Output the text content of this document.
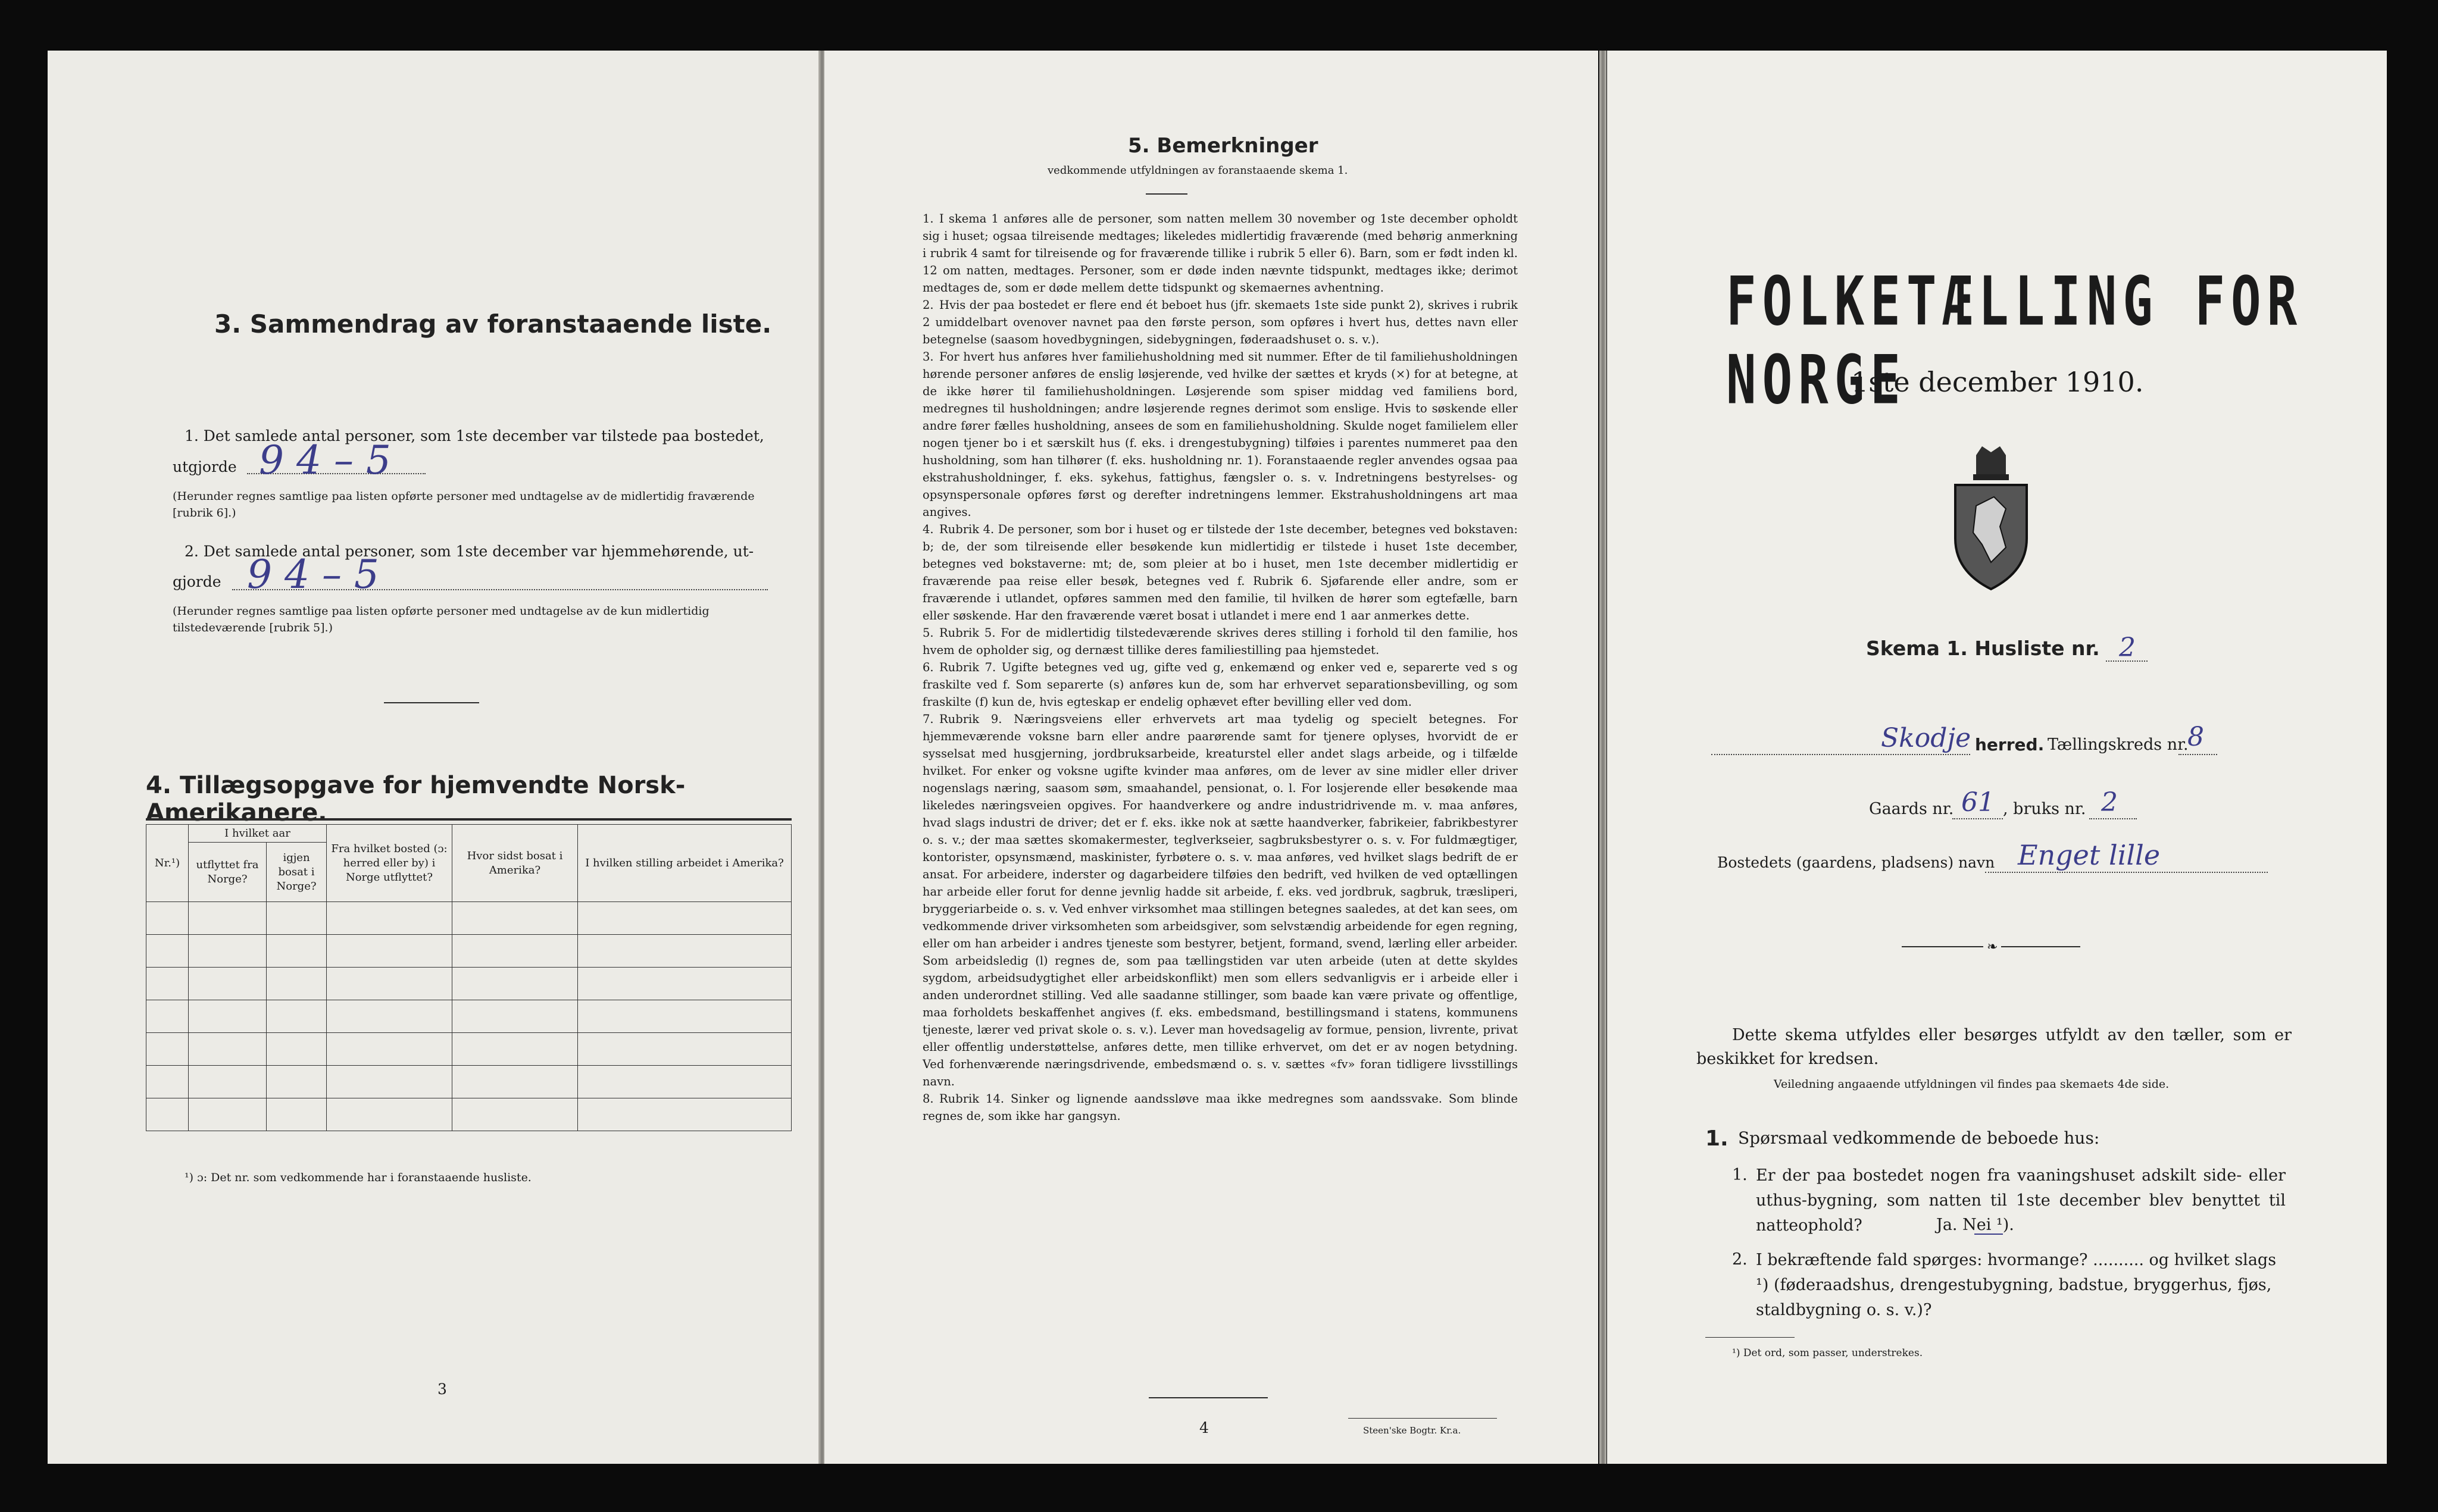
3. Sammendrag av foranstaaende liste.
1. Det samlede antal personer, som 1ste december var tilstede paa bostedet,
utgjorde 9 4 – 5
(Herunder regnes samtlige paa listen opførte personer med undtagelse av de midlertidig fraværende [rubrik 6].)
2. Det samlede antal personer, som 1ste december var hjemmehørende, ut-
gjorde 9 4 – 5
(Herunder regnes samtlige paa listen opførte personer med undtagelse av de kun midlertidig tilstedeværende [rubrik 5].)
4. Tillægsopgave for hjemvendte Norsk-Amerikanere.
Nr.¹)	I hvilket aar		Fra hvilket bosted (ɔ: herred eller by) i Norge utflyttet?	Hvor sidst bosat i Amerika?	I hvilken stilling arbeidet i Amerika?
	utflyttet fra Norge?	igjen bosat i Norge?			

¹) ɔ: Det nr. som vedkommende har i foranstaaende husliste.
3
5. Bemerkninger
vedkommende utfyldningen av foranstaaende skema 1.

1. I skema 1 anføres alle de personer, som natten mellem 30 november og 1ste december opholdt sig i huset; ogsaa tilreisende medtages; likeledes midlertidig fraværende (med behørig anmerkning i rubrik 4 samt for tilreisende og for fraværende tillike i rubrik 5 eller 6). Barn, som er født inden kl. 12 om natten, medtages. Personer, som er døde inden nævnte tidspunkt, medtages ikke; derimot medtages de, som er døde mellem dette tidspunkt og skemaernes avhentning.

2. Hvis der paa bostedet er flere end ét beboet hus (jfr. skemaets 1ste side punkt 2), skrives i rubrik 2 umiddelbart ovenover navnet paa den første person, som opføres i hvert hus, dettes navn eller betegnelse (saasom hovedbygningen, sidebygningen, føderaadshuset o. s. v.).

3. For hvert hus anføres hver familiehusholdning med sit nummer. Efter de til familiehusholdningen hørende personer anføres de enslig løsjerende, ved hvilke der sættes et kryds (×) for at betegne, at de ikke hører til familiehusholdningen. Løsjerende som spiser middag ved familiens bord, medregnes til husholdningen; andre løsjerende regnes derimot som enslige. Hvis to søskende eller andre fører fælles husholdning, ansees de som en familiehusholdning. Skulde noget familielem eller nogen tjener bo i et særskilt hus (f. eks. i drengestubygning) tilføies i parentes nummeret paa den husholdning, som han tilhører (f. eks. husholdning nr. 1). Foranstaaende regler anvendes ogsaa paa ekstrahusholdninger, f. eks. sykehus, fattighus, fængsler o. s. v. Indretningens bestyrelses- og opsynspersonale opføres først og derefter indretningens lemmer. Ekstrahusholdningens art maa angives.

4. Rubrik 4. De personer, som bor i huset og er tilstede der 1ste december, betegnes ved bokstaven: b; de, der som tilreisende eller besøkende kun midlertidig er tilstede i huset 1ste december, betegnes ved bokstaverne: mt; de, som pleier at bo i huset, men 1ste december midlertidig er fraværende paa reise eller besøk, betegnes ved f. Rubrik 6. Sjøfarende eller andre, som er fraværende i utlandet, opføres sammen med den familie, til hvilken de hører som egtefælle, barn eller søskende. Har den fraværende været bosat i utlandet i mere end 1 aar anmerkes dette.

5. Rubrik 5. For de midlertidig tilstedeværende skrives deres stilling i forhold til den familie, hos hvem de opholder sig, og dernæst tillike deres familiestilling paa hjemstedet.

6. Rubrik 7. Ugifte betegnes ved ug, gifte ved g, enkemænd og enker ved e, separerte ved s og fraskilte ved f. Som separerte (s) anføres kun de, som har erhvervet separationsbevilling, og som fraskilte (f) kun de, hvis egteskap er endelig ophævet efter bevilling eller ved dom.

7. Rubrik 9. Næringsveiens eller erhvervets art maa tydelig og specielt betegnes. For hjemmeværende voksne barn eller andre paarørende samt for tjenere oplyses, hvorvidt de er sysselsat med husgjerning, jordbruksarbeide, kreaturstel eller andet slags arbeide, og i tilfælde hvilket. For enker og voksne ugifte kvinder maa anføres, om de lever av sine midler eller driver nogenslags næring, saasom søm, smaahandel, pensionat, o. l. For losjerende eller besøkende maa likeledes næringsveien opgives. For haandverkere og andre industridrivende m. v. maa anføres, hvad slags industri de driver; det er f. eks. ikke nok at sætte haandverker, fabrikeier, fabrikbestyrer o. s. v.; der maa sættes skomakermester, teglverkseier, sagbruksbestyrer o. s. v. For fuldmægtiger, kontorister, opsynsmænd, maskinister, fyrbøtere o. s. v. maa anføres, ved hvilket slags bedrift de er ansat. For arbeidere, inderster og dagarbeidere tilføies den bedrift, ved hvilken de ved optællingen har arbeide eller forut for denne jevnlig hadde sit arbeide, f. eks. ved jordbruk, sagbruk, træsliperi, bryggeriarbeide o. s. v. Ved enhver virksomhet maa stillingen betegnes saaledes, at det kan sees, om vedkommende driver virksomheten som arbeidsgiver, som selvstændig arbeidende for egen regning, eller om han arbeider i andres tjeneste som bestyrer, betjent, formand, svend, lærling eller arbeider. Som arbeidsledig (l) regnes de, som paa tællingstiden var uten arbeide (uten at dette skyldes sygdom, arbeidsudygtighet eller arbeidskonflikt) men som ellers sedvanligvis er i arbeide eller i anden underordnet stilling. Ved alle saadanne stillinger, som baade kan være private og offentlige, maa forholdets beskaffenhet angives (f. eks. embedsmand, bestillingsmand i statens, kommunens tjeneste, lærer ved privat skole o. s. v.). Lever man hovedsagelig av formue, pension, livrente, privat eller offentlig understøttelse, anføres dette, men tillike erhvervet, om det er av nogen betydning. Ved forhenværende næringsdrivende, embedsmænd o. s. v. sættes «fv» foran tidligere livsstillings navn.

8. Rubrik 14. Sinker og lignende aandssløve maa ikke medregnes som aandssvake. Som blinde regnes de, som ikke har gangsyn.

4	Steen'ske Bogtr. Kr.a.
FOLKETÆLLING FOR NORGE
1ste december 1910.
Skema 1. Husliste nr. 2
Skodje herred. Tællingskreds nr.
8
Gaards nr. 61 , bruks nr. 2
Bostedets (gaardens, pladsens) navn Enget lille
❧
Dette skema utfyldes eller besørges utfyldt av den tæller, som er beskikket for kredsen.
Veiledning angaaende utfyldningen vil findes paa skemaets 4de side.
1. Spørsmaal vedkommende de beboede hus:
1. Er der paa bostedet nogen fra vaaningshuset adskilt side- eller uthus-bygning, som natten til 1ste december blev benyttet til natteophold?	Ja. Nei ¹).
2. I bekræftende fald spørges: hvormange? .......... og hvilket slags ¹) (føderaadshus, drengestubygning, badstue, bryggerhus, fjøs, staldbygning o. s. v.)?
¹) Det ord, som passer, understrekes.
